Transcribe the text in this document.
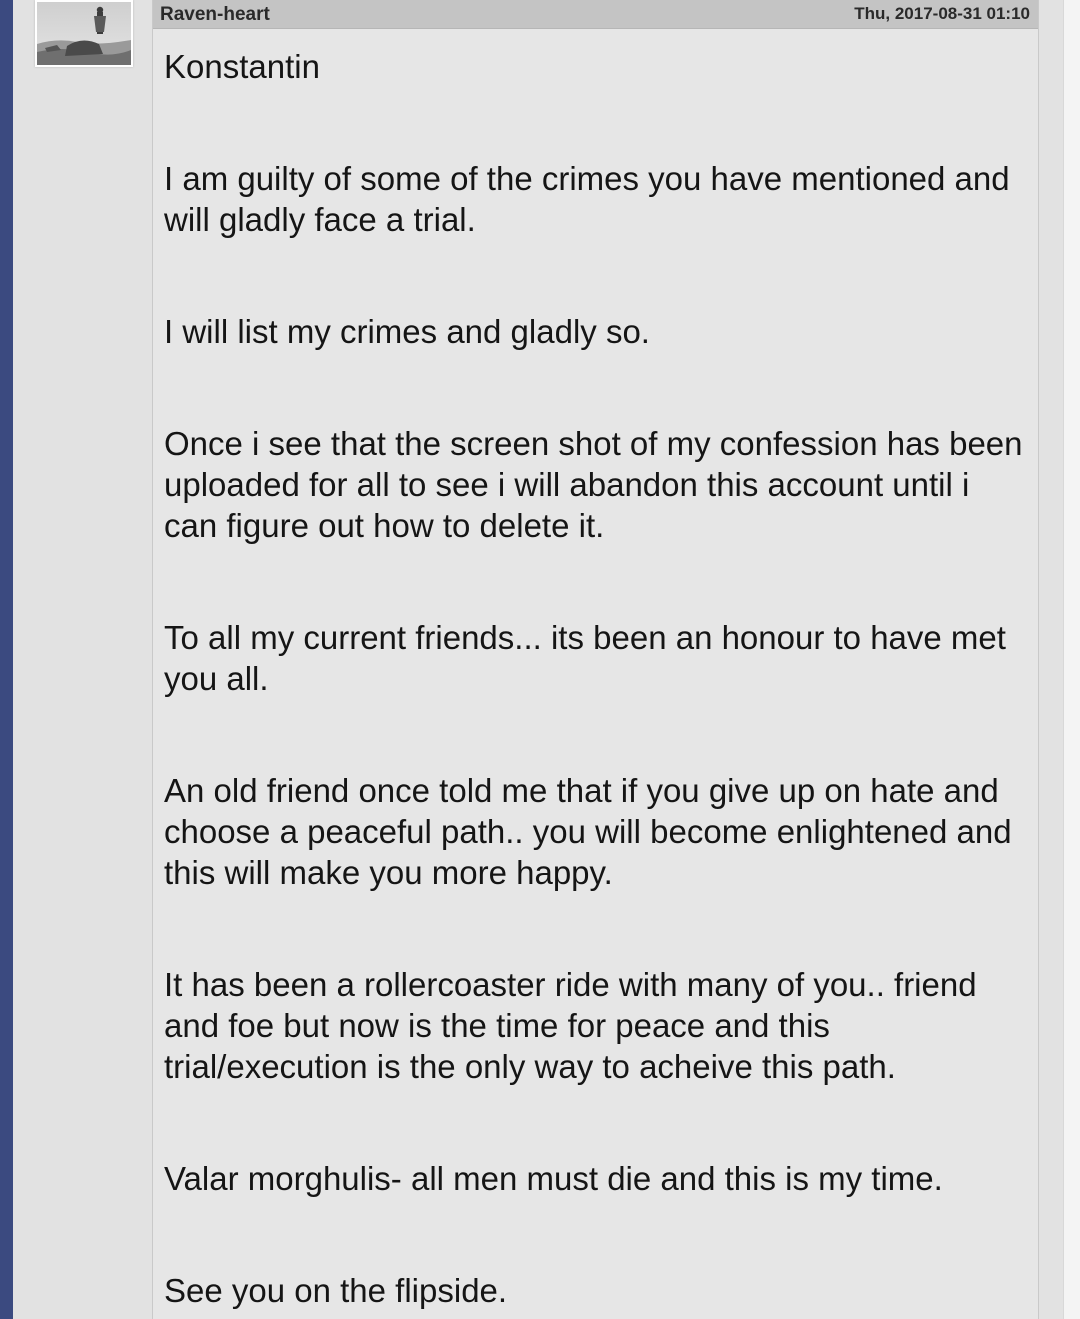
Raven-heart	Thu, 2017-08-31 01:10

Konstantin

I am guilty of some of the crimes you have mentioned and will gladly face a trial.

I will list my crimes and gladly so.

Once i see that the screen shot of my confession has been uploaded for all to see i will abandon this account until i can figure out how to delete it.

To all my current friends... its been an honour to have met you all.

An old friend once told me that if you give up on hate and choose a peaceful path.. you will become enlightened and this will make you more happy.

It has been a rollercoaster ride with many of you.. friend and foe but now is the time for peace and this trial/execution is the only way to acheive this path.

Valar morghulis- all men must die and this is my time.

See you on the flipside.
